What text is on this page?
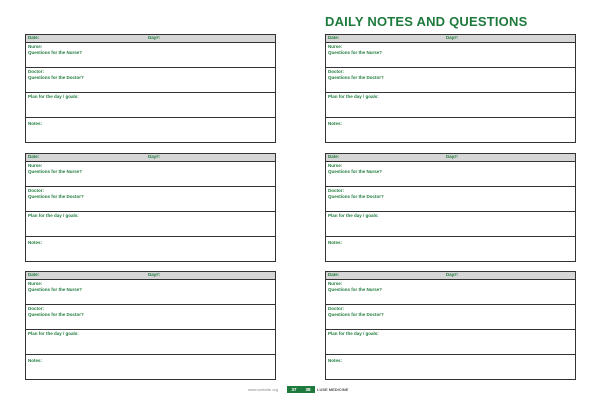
DAILY NOTES AND QUESTIONS
Date:	Day#:
Nurse:
Questions for the Nurse?
Doctor:
Questions for the Doctor?
Plan for the day / goals:
Notes:
Date:	Day#:
Nurse:
Questions for the Nurse?
Doctor:
Questions for the Doctor?
Plan for the day / goals:
Notes:
Date:	Day#:
Nurse:
Questions for the Nurse?
Doctor:
Questions for the Doctor?
Plan for the day / goals:
Notes:
Date:	Day#:
Nurse:
Questions for the Nurse?
Doctor:
Questions for the Doctor?
Plan for the day / goals:
Notes:
Date:	Day#:
Nurse:
Questions for the Nurse?
Doctor:
Questions for the Doctor?
Plan for the day / goals:
Notes:
Date:	Day#:
Nurse:
Questions for the Nurse?
Doctor:
Questions for the Doctor?
Plan for the day / goals:
Notes:
www.website.org	37	38	LUSE MEDICINE
